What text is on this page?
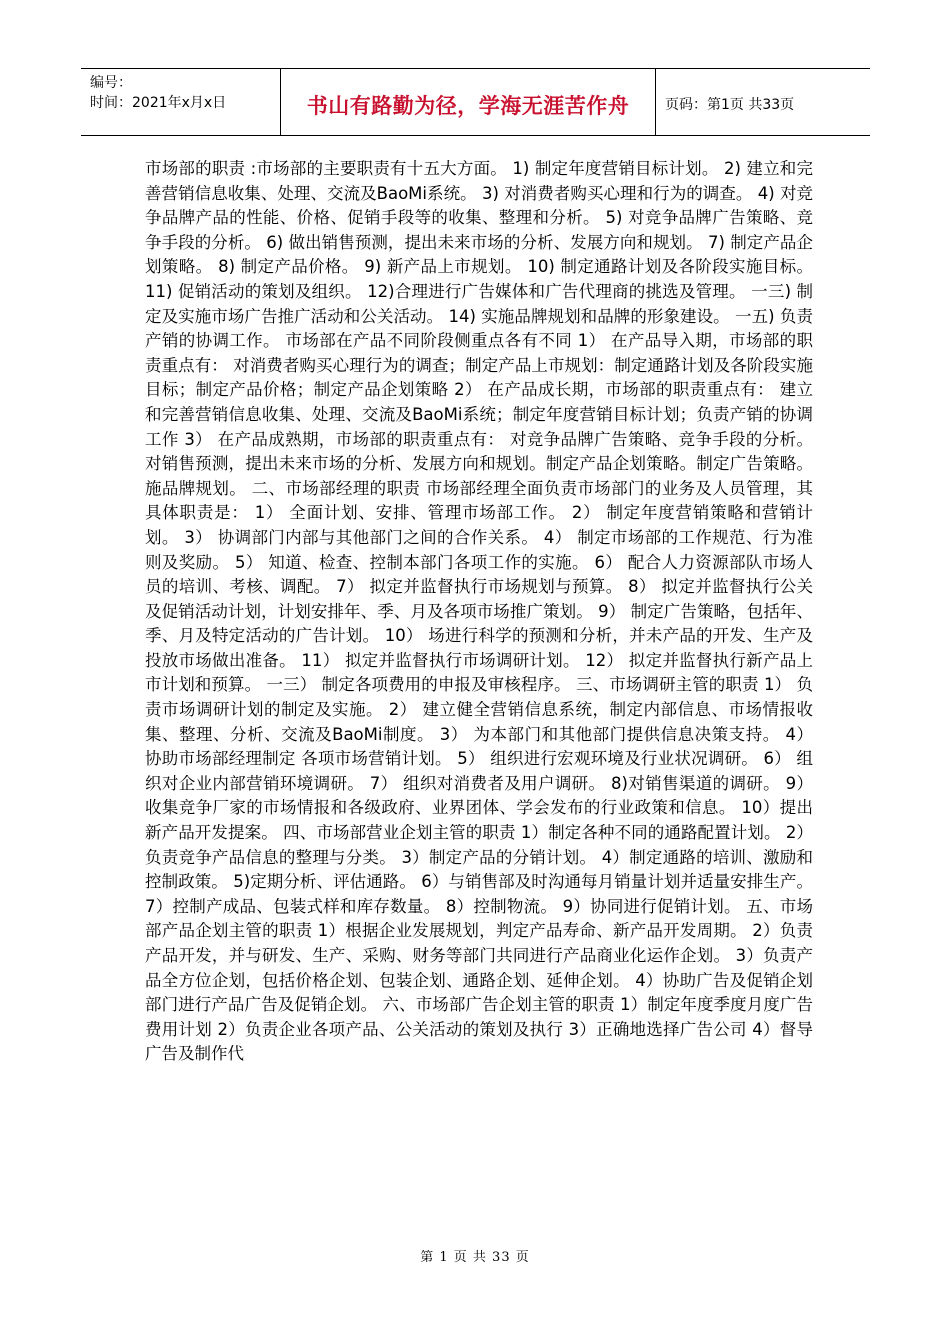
编号：
时间：2021年x月x日	书山有路勤为径，学海无涯苦作舟	页码：第1页 共33页

市场部的职责 :市场部的主要职责有十五大方面。 1) 制定年度营销目标计划。 2) 建立和完善营销信息收集、处理、交流及BaoMi系统。 3) 对消费者购买心理和行为的调查。 4) 对竞争品牌产品的性能、价格、促销手段等的收集、整理和分析。 5) 对竞争品牌广告策略、竞争手段的分析。 6) 做出销售预测，提出未来市场的分析、发展方向和规划。 7) 制定产品企划策略。 8) 制定产品价格。 9) 新产品上市规划。 10) 制定通路计划及各阶段实施目标。 11) 促销活动的策划及组织。 12)合理进行广告媒体和广告代理商的挑选及管理。 一三) 制定及实施市场广告推广活动和公关活动。 14) 实施品牌规划和品牌的形象建设。 一五) 负责产销的协调工作。 市场部在产品不同阶段侧重点各有不同 1） 在产品导入期，市场部的职责重点有： 对消费者购买心理行为的调查；制定产品上市规划：制定通路计划及各阶段实施目标；制定产品价格；制定产品企划策略 2） 在产品成长期，市场部的职责重点有： 建立和完善营销信息收集、处理、交流及BaoMi系统；制定年度营销目标计划；负责产销的协调工作 3） 在产品成熟期，市场部的职责重点有： 对竞争品牌广告策略、竞争手段的分析。对销售预测，提出未来市场的分析、发展方向和规划。制定产品企划策略。制定广告策略。施品牌规划。 二、市场部经理的职责 市场部经理全面负责市场部门的业务及人员管理，其具体职责是： 1） 全面计划、安排、管理市场部工作。 2） 制定年度营销策略和营销计划。 3） 协调部门内部与其他部门之间的合作关系。 4） 制定市场部的工作规范、行为准则及奖励。 5） 知道、检查、控制本部门各项工作的实施。 6） 配合人力资源部队市场人员的培训、考核、调配。 7） 拟定并监督执行市场规划与预算。 8） 拟定并监督执行公关及促销活动计划，计划安排年、季、月及各项市场推广策划。 9） 制定广告策略，包括年、季、月及特定活动的广告计划。 10） 场进行科学的预测和分析，并未产品的开发、生产及投放市场做出准备。 11） 拟定并监督执行市场调研计划。 12） 拟定并监督执行新产品上市计划和预算。 一三） 制定各项费用的申报及审核程序。 三、市场调研主管的职责 1） 负责市场调研计划的制定及实施。 2） 建立健全营销信息系统，制定内部信息、市场情报收集、整理、分析、交流及BaoMi制度。 3） 为本部门和其他部门提供信息决策支持。 4） 协助市场部经理制定 各项市场营销计划。 5） 组织进行宏观环境及行业状况调研。 6） 组织对企业内部营销环境调研。 7） 组织对消费者及用户调研。 8)对销售渠道的调研。 9） 收集竞争厂家的市场情报和各级政府、业界团体、学会发布的行业政策和信息。 10）提出新产品开发提案。 四、市场部营业企划主管的职责 1）制定各种不同的通路配置计划。 2）负责竞争产品信息的整理与分类。 3）制定产品的分销计划。 4）制定通路的培训、激励和控制政策。 5)定期分析、评估通路。 6）与销售部及时沟通每月销量计划并适量安排生产。 7）控制产成品、包装式样和库存数量。 8）控制物流。 9）协同进行促销计划。 五、市场部产品企划主管的职责 1）根据企业发展规划，判定产品寿命、新产品开发周期。 2）负责产品开发，并与研发、生产、采购、财务等部门共同进行产品商业化运作企划。 3）负责产品全方位企划，包括价格企划、包装企划、通路企划、延伸企划。 4）协助广告及促销企划部门进行产品广告及促销企划。 六、市场部广告企划主管的职责 1）制定年度季度月度广告费用计划 2）负责企业各项产品、公关活动的策划及执行 3）正确地选择广告公司 4）督导广告及制作代

第 1 页 共 33 页
